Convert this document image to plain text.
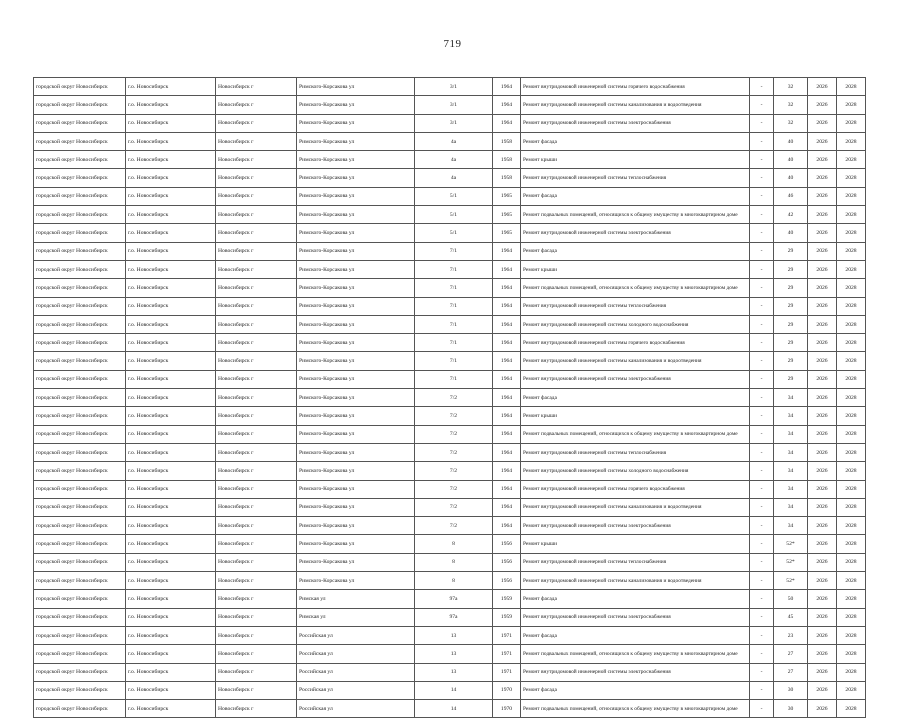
719
городской округ Новосибирск	г.о. Новосибирск	Новосибирск г	Римского-Корсакова ул	3/1	1964	Ремонт внутридомовой инженерной системы горячего водоснабжения	-	32	2026	2028
городской округ Новосибирск	г.о. Новосибирск	Новосибирск г	Римского-Корсакова ул	3/1	1964	Ремонт внутридомовой инженерной системы канализования и водоотведения	-	32	2026	2028
городской округ Новосибирск	г.о. Новосибирск	Новосибирск г	Римского-Корсакова ул	3/1	1964	Ремонт внутридомовой инженерной системы электроснабжения	-	32	2026	2028
городской округ Новосибирск	г.о. Новосибирск	Новосибирск г	Римского-Корсакова ул	4а	1958	Ремонт фасада	-	40	2026	2028
городской округ Новосибирск	г.о. Новосибирск	Новосибирск г	Римского-Корсакова ул	4а	1958	Ремонт крыши	-	40	2026	2028
городской округ Новосибирск	г.о. Новосибирск	Новосибирск г	Римского-Корсакова ул	4а	1958	Ремонт внутридомовой инженерной системы теплоснабжения	-	40	2026	2028
городской округ Новосибирск	г.о. Новосибирск	Новосибирск г	Римского-Корсакова ул	5/1	1965	Ремонт фасада	-	46	2026	2028
городской округ Новосибирск	г.о. Новосибирск	Новосибирск г	Римского-Корсакова ул	5/1	1965	Ремонт подвальных помещений, относящихся к общему имуществу в многоквартирном доме	-	42	2026	2028
городской округ Новосибирск	г.о. Новосибирск	Новосибирск г	Римского-Корсакова ул	5/1	1965	Ремонт внутридомовой инженерной системы электроснабжения	-	40	2026	2028
городской округ Новосибирск	г.о. Новосибирск	Новосибирск г	Римского-Корсакова ул	7/1	1964	Ремонт фасада	-	29	2026	2028
городской округ Новосибирск	г.о. Новосибирск	Новосибирск г	Римского-Корсакова ул	7/1	1964	Ремонт крыши	-	29	2026	2028
городской округ Новосибирск	г.о. Новосибирск	Новосибирск г	Римского-Корсакова ул	7/1	1964	Ремонт подвальных помещений, относящихся к общему имуществу в многоквартирном доме	-	29	2026	2028
городской округ Новосибирск	г.о. Новосибирск	Новосибирск г	Римского-Корсакова ул	7/1	1964	Ремонт внутридомовой инженерной системы теплоснабжения	-	29	2026	2028
городской округ Новосибирск	г.о. Новосибирск	Новосибирск г	Римского-Корсакова ул	7/1	1964	Ремонт внутридомовой инженерной системы холодного водоснабжения	-	29	2026	2028
городской округ Новосибирск	г.о. Новосибирск	Новосибирск г	Римского-Корсакова ул	7/1	1964	Ремонт внутридомовой инженерной системы горячего водоснабжения	-	29	2026	2028
городской округ Новосибирск	г.о. Новосибирск	Новосибирск г	Римского-Корсакова ул	7/1	1964	Ремонт внутридомовой инженерной системы канализования и водоотведения	-	29	2026	2028
городской округ Новосибирск	г.о. Новосибирск	Новосибирск г	Римского-Корсакова ул	7/1	1964	Ремонт внутридомовой инженерной системы электроснабжения	-	29	2026	2028
городской округ Новосибирск	г.о. Новосибирск	Новосибирск г	Римского-Корсакова ул	7/2	1964	Ремонт фасада	-	34	2026	2028
городской округ Новосибирск	г.о. Новосибирск	Новосибирск г	Римского-Корсакова ул	7/2	1964	Ремонт крыши	-	34	2026	2028
городской округ Новосибирск	г.о. Новосибирск	Новосибирск г	Римского-Корсакова ул	7/2	1964	Ремонт подвальных помещений, относящихся к общему имуществу в многоквартирном доме	-	34	2026	2028
городской округ Новосибирск	г.о. Новосибирск	Новосибирск г	Римского-Корсакова ул	7/2	1964	Ремонт внутридомовой инженерной системы теплоснабжения	-	34	2026	2028
городской округ Новосибирск	г.о. Новосибирск	Новосибирск г	Римского-Корсакова ул	7/2	1964	Ремонт внутридомовой инженерной системы холодного водоснабжения	-	34	2026	2028
городской округ Новосибирск	г.о. Новосибирск	Новосибирск г	Римского-Корсакова ул	7/2	1964	Ремонт внутридомовой инженерной системы горячего водоснабжения	-	34	2026	2028
городской округ Новосибирск	г.о. Новосибирск	Новосибирск г	Римского-Корсакова ул	7/2	1964	Ремонт внутридомовой инженерной системы канализования и водоотведения	-	34	2026	2028
городской округ Новосибирск	г.о. Новосибирск	Новосибирск г	Римского-Корсакова ул	7/2	1964	Ремонт внутридомовой инженерной системы электроснабжения	-	34	2026	2028
городской округ Новосибирск	г.о. Новосибирск	Новосибирск г	Римского-Корсакова ул	8	1956	Ремонт крыши	-	52*	2026	2028
городской округ Новосибирск	г.о. Новосибирск	Новосибирск г	Римского-Корсакова ул	8	1956	Ремонт внутридомовой инженерной системы теплоснабжения	-	52*	2026	2028
городской округ Новосибирск	г.о. Новосибирск	Новосибирск г	Римского-Корсакова ул	8	1956	Ремонт внутридомовой инженерной системы канализования и водоотведения	-	52*	2026	2028
городской округ Новосибирск	г.о. Новосибирск	Новосибирск г	Римская ул	97а	1959	Ремонт фасада	-	50	2026	2028
городской округ Новосибирск	г.о. Новосибирск	Новосибирск г	Римская ул	97а	1959	Ремонт внутридомовой инженерной системы электроснабжения	-	45	2026	2028
городской округ Новосибирск	г.о. Новосибирск	Новосибирск г	Российская ул	13	1971	Ремонт фасада	-	23	2026	2028
городской округ Новосибирск	г.о. Новосибирск	Новосибирск г	Российская ул	13	1971	Ремонт подвальных помещений, относящихся к общему имуществу в многоквартирном доме	-	27	2026	2028
городской округ Новосибирск	г.о. Новосибирск	Новосибирск г	Российская ул	13	1971	Ремонт внутридомовой инженерной системы электроснабжения	-	27	2026	2028
городской округ Новосибирск	г.о. Новосибирск	Новосибирск г	Российская ул	14	1970	Ремонт фасада	-	30	2026	2028
городской округ Новосибирск	г.о. Новосибирск	Новосибирск г	Российская ул	14	1970	Ремонт подвальных помещений, относящихся к общему имуществу в многоквартирном доме	-	30	2026	2028
